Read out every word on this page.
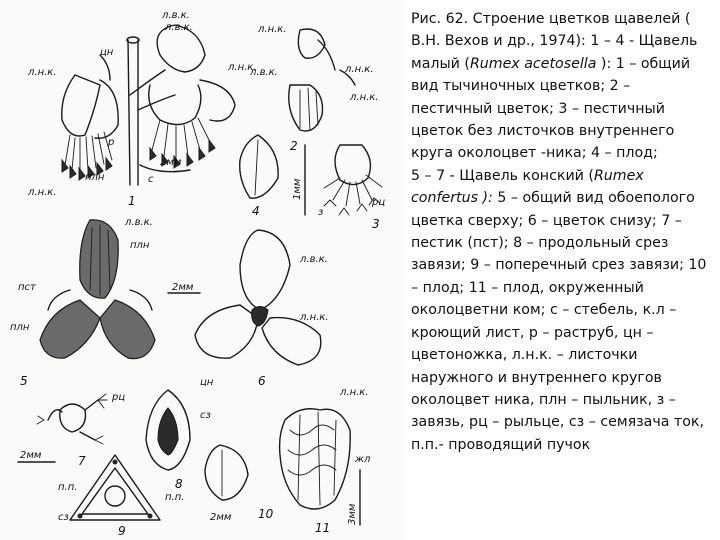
2мм
л.в.к.
л.в.к.
цн
л.н.к.	л.н.к.
л.н.к.
плн	с
р
1
л.н.к.
л.н.к.
л.н.к.
л.в.к.
2
з
рц
3
1мм
4
л.в.к.
плн
пст
плн
5
2мм
л.в.к.
л.н.к.
цн	6
рц
7
2мм
сз
8
п.п.
сз
п.п.
9
2мм 10
л.н.к.
жл
3мм
11

Рис. 62. Строение цветков щавелей ( В.Н. Вехов и др., 1974): 1 – 4 - Щавель малый (Rumex acetosella ): 1 – общий вид тычиночных цветков; 2 – пестичный цветок; 3 – пестичный цветок без листочков внутреннего круга околоцвет -ника; 4 – плод;
5 – 7 - Щавель конский (Rumex confertus ): 5 – общий вид обоеполого цветка сверху; 6 – цветок снизу; 7 – пестик (пст); 8 – продольный срез завязи; 9 – поперечный срез завязи; 10 – плод; 11 – плод, окруженный околоцветни ком; с – стебель, к.л – кроющий лист, р – раструб, цн – цветоножка, л.н.к. – листочки наружного и внутреннего кругов околоцвет ника, плн – пыльник, з – завязь, рц – рыльце, сз – семязача ток, п.п.- проводящий пучок
